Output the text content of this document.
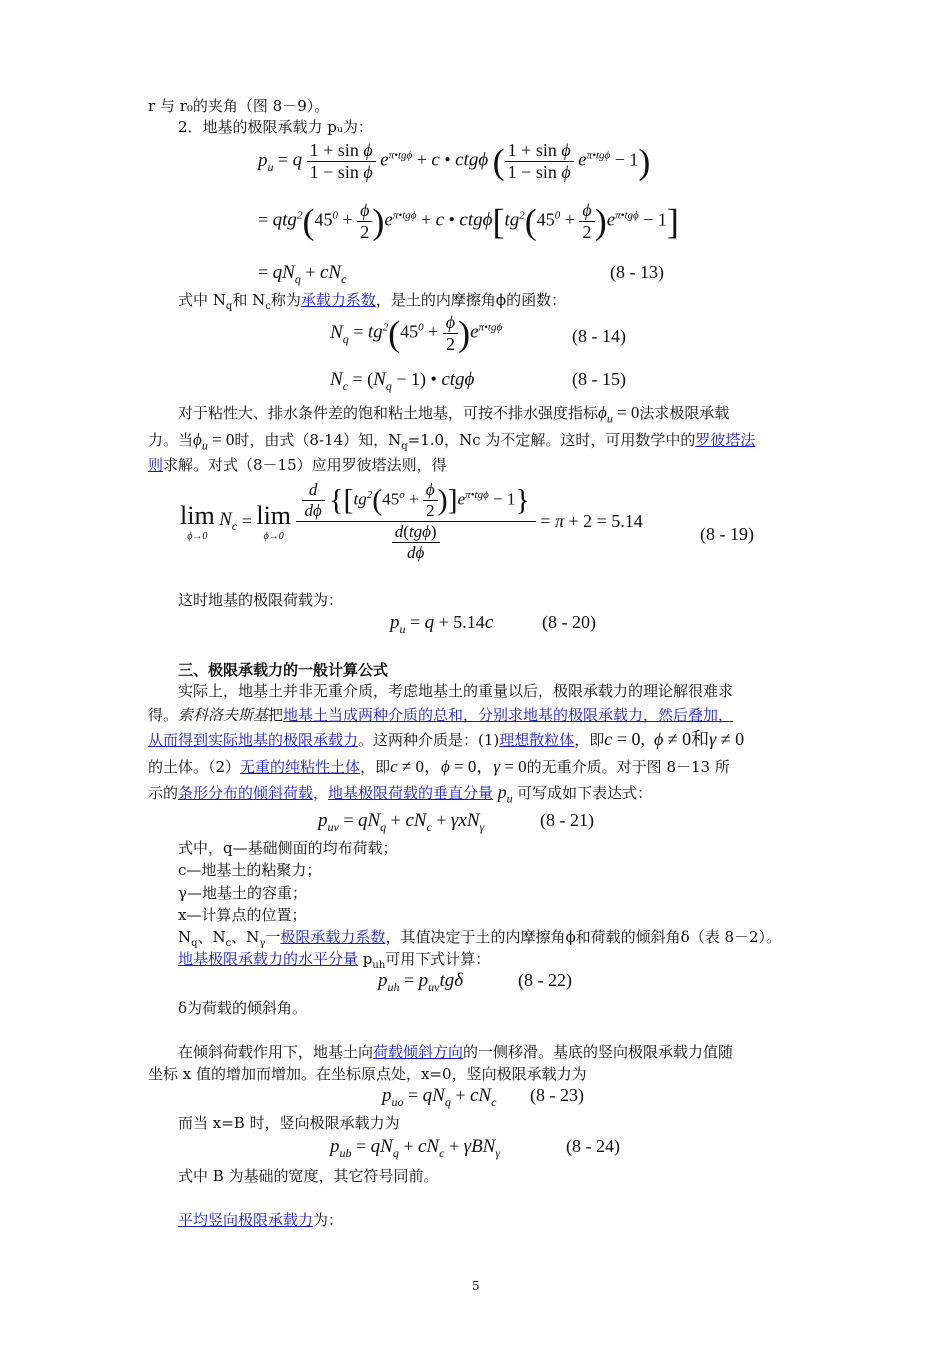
r 与 r₀的夹角（图 8－9）。
2．地基的极限承载力 pᵤ为：
$p_u = q \frac{\text{1 + sin ϕ}}{\text{1 − sin ϕ}} e^{\pi•tg\phi} + c$ • ctgϕ ( $\frac{\text{1 + sin ϕ}}{\text{1 − sin ϕ}} e^{\pi•tg\phi} - 1$)
= $qtg^2(45^0 + \frac{\phi}{2} )e^{\pi•tg\phi} + c$ • $ctg\phi[tg^2(45^0 + \frac{\phi}{2} )e^{\pi•tg\phi} - 1]$
= $qN_q + cN_c$	(8 - 13)
式中 $N_q$和 $N_c$称为承载力系数，是土的内摩擦角ϕ的函数：
$N_q = tg^2(45^0 + \frac{\phi}{2} )e^{\pi•tg\phi}$	(8 - 14)
$N_c = (N_q - 1)$ • ctgϕ	(8 - 15)
对于粘性大、排水条件差的饱和粘土地基，可按不排水强度指标$\phi_u = 0$法求极限承载
力。当$\phi_u = 0$时，由式（8-14）知，$N_q=1.0$，Nc 为不定解。这时，可用数学中的罗彼塔法
则求解。对式（8－15）应用罗彼塔法则，得
lim
ϕ→0
$N_c = \lim$
ϕ→0
$\frac{\frac{d}{d\phi} \{[tg^2(45^o + \frac{\phi}{2} )]e^{\pi•tg\phi} - 1\}}{\frac{\text{d(tgϕ)}}{d\phi}} = \pi + 2 = 5.14$
(8 - 19)
这时地基的极限荷载为：
$p_u = q + 5.14c$	(8 - 20)
三、极限承载力的一般计算公式
实际上，地基土并非无重介质，考虑地基土的重量以后，极限承载力的理论解很难求
得。索科洛夫斯基把地基土当成两种介质的总和，分别求地基的极限承载力，然后叠加，
从而得到实际地基的极限承载力。这两种介质是：(1)理想散粒体，即c = 0,  ϕ ≠ 0和γ ≠ 0
的土体。（2）无重的纯粘性土体，即c ≠ 0，ϕ = 0，γ = 0的无重介质。对于图 8－13 所
示的条形分布的倾斜荷载，地基极限荷载的垂直分量 $p_u$ 可写成如下表达式：
$p_{uv} = qN_q + cN_c + \gamma xN_\gamma$	(8 - 21)
式中，q—基础侧面的均布荷载；
c—地基土的粘聚力；
γ—地基土的容重；
x—计算点的位置；
$N_q$、$N_c$、$N_\gamma$一极限承载力系数，其值决定于土的内摩擦角ϕ和荷载的倾斜角δ（表 8－2）。
地基极限承载力的水平分量 $p_{uh}$可用下式计算：
$p_{uh} = p_{uv}tg\delta$	(8 - 22)
δ为荷载的倾斜角。
在倾斜荷载作用下，地基土向荷载倾斜方向的一侧移滑。基底的竖向极限承载力值随
坐标 x 值的增加而增加。在坐标原点处，x=0，竖向极限承载力为
$p_{uo} = qN_q + cN_c$ (8 - 23)
而当 x=B 时，竖向极限承载力为
$p_{ub} = qN_q + cN_c + \gamma BN_\gamma$	(8 - 24)
式中 B 为基础的宽度，其它符号同前。
平均竖向极限承载力为：
5
